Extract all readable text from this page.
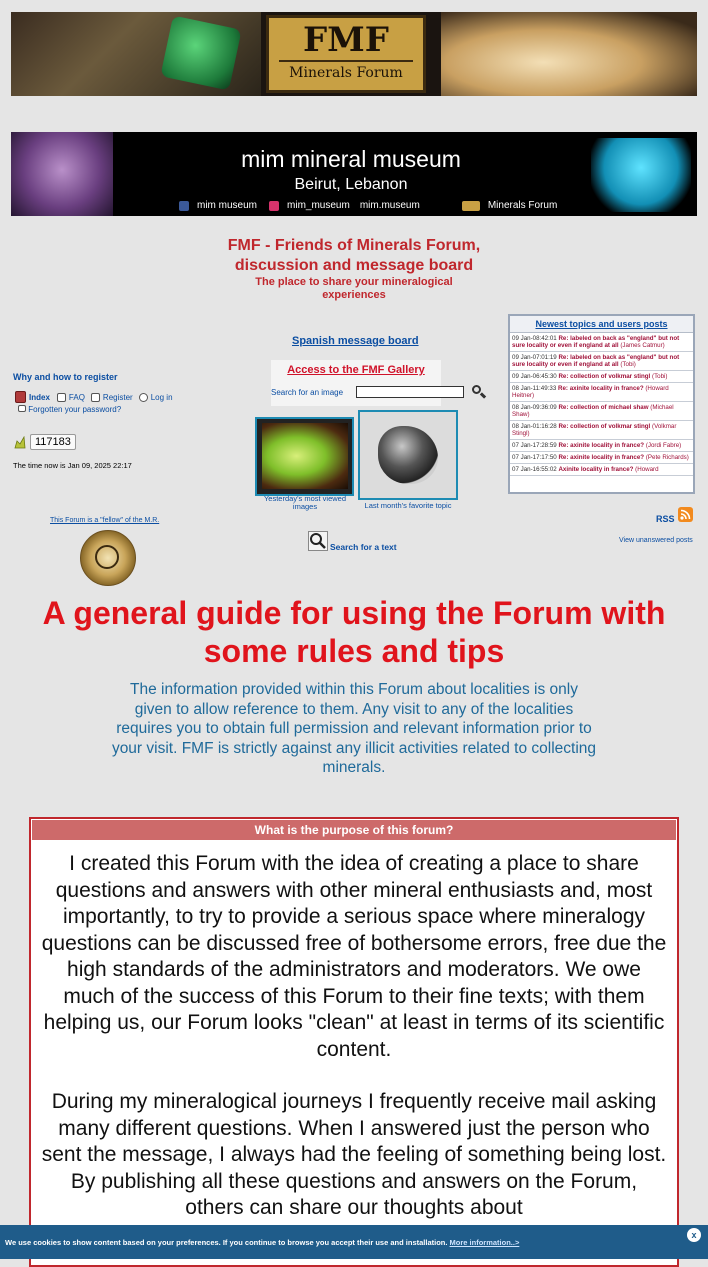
FMF
Minerals Forum
mim mineral museum
Beirut, Lebanon
mim museum	mim_museum mim.museum	Minerals Forum
FMF - Friends of Minerals Forum,
discussion and message board
The place to share your mineralogical experiences
Why and how to register
Index FAQ Register Log in
Forgotten your password?
117183
The time now is Jan 09, 2025 22:17
This Forum is a "fellow" of the M.R.
Spanish message board
Access to the FMF Gallery
Search for an image
Yesterday's most viewed images	Last month's favorite topic
Search for a text
Newest topics and users posts
09 Jan-08:42:01 Re: labeled on back as "england" but not sure locality or even if england at all (James Catmur)
09 Jan-07:01:19 Re: labeled on back as "england" but not sure locality or even if england at all (Tobi)
09 Jan-06:45:30 Re: collection of volkmar stingl (Tobi)
08 Jan-11:49:33 Re: axinite locality in france? (Howard Heitner)
08 Jan-09:36:09 Re: collection of michael shaw (Michael Shaw)
08 Jan-01:16:28 Re: collection of volkmar stingl (Volkmar Stingl)
07 Jan-17:28:59 Re: axinite locality in france? (Jordi Fabre)
07 Jan-17:17:50 Re: axinite locality in france? (Pete Richards)
07 Jan-16:55:02 Axinite locality in france? (Howard
RSS
View unanswered posts
A general guide for using the Forum with some rules and tips
The information provided within this Forum about localities is only given to allow reference to them. Any visit to any of the localities requires you to obtain full permission and relevant information prior to your visit. FMF is strictly against any illicit activities related to collecting minerals.
What is the purpose of this forum?

I created this Forum with the idea of creating a place to share questions and answers with other mineral enthusiasts and, most importantly, to try to provide a serious space where mineralogy questions can be discussed free of bothersome errors, free due the high standards of the administrators and moderators. We owe much of the success of this Forum to their fine texts; with them helping us, our Forum looks "clean" at least in terms of its scientific content.

During my mineralogical journeys I frequently receive mail asking many different questions. When I answered just the person who sent the message, I always had the feeling of something being lost. By publishing all these questions and answers on the Forum, others can share our thoughts about

We use cookies to show content based on your preferences. If you continue to browse you accept their use and installation. More information..>
x
